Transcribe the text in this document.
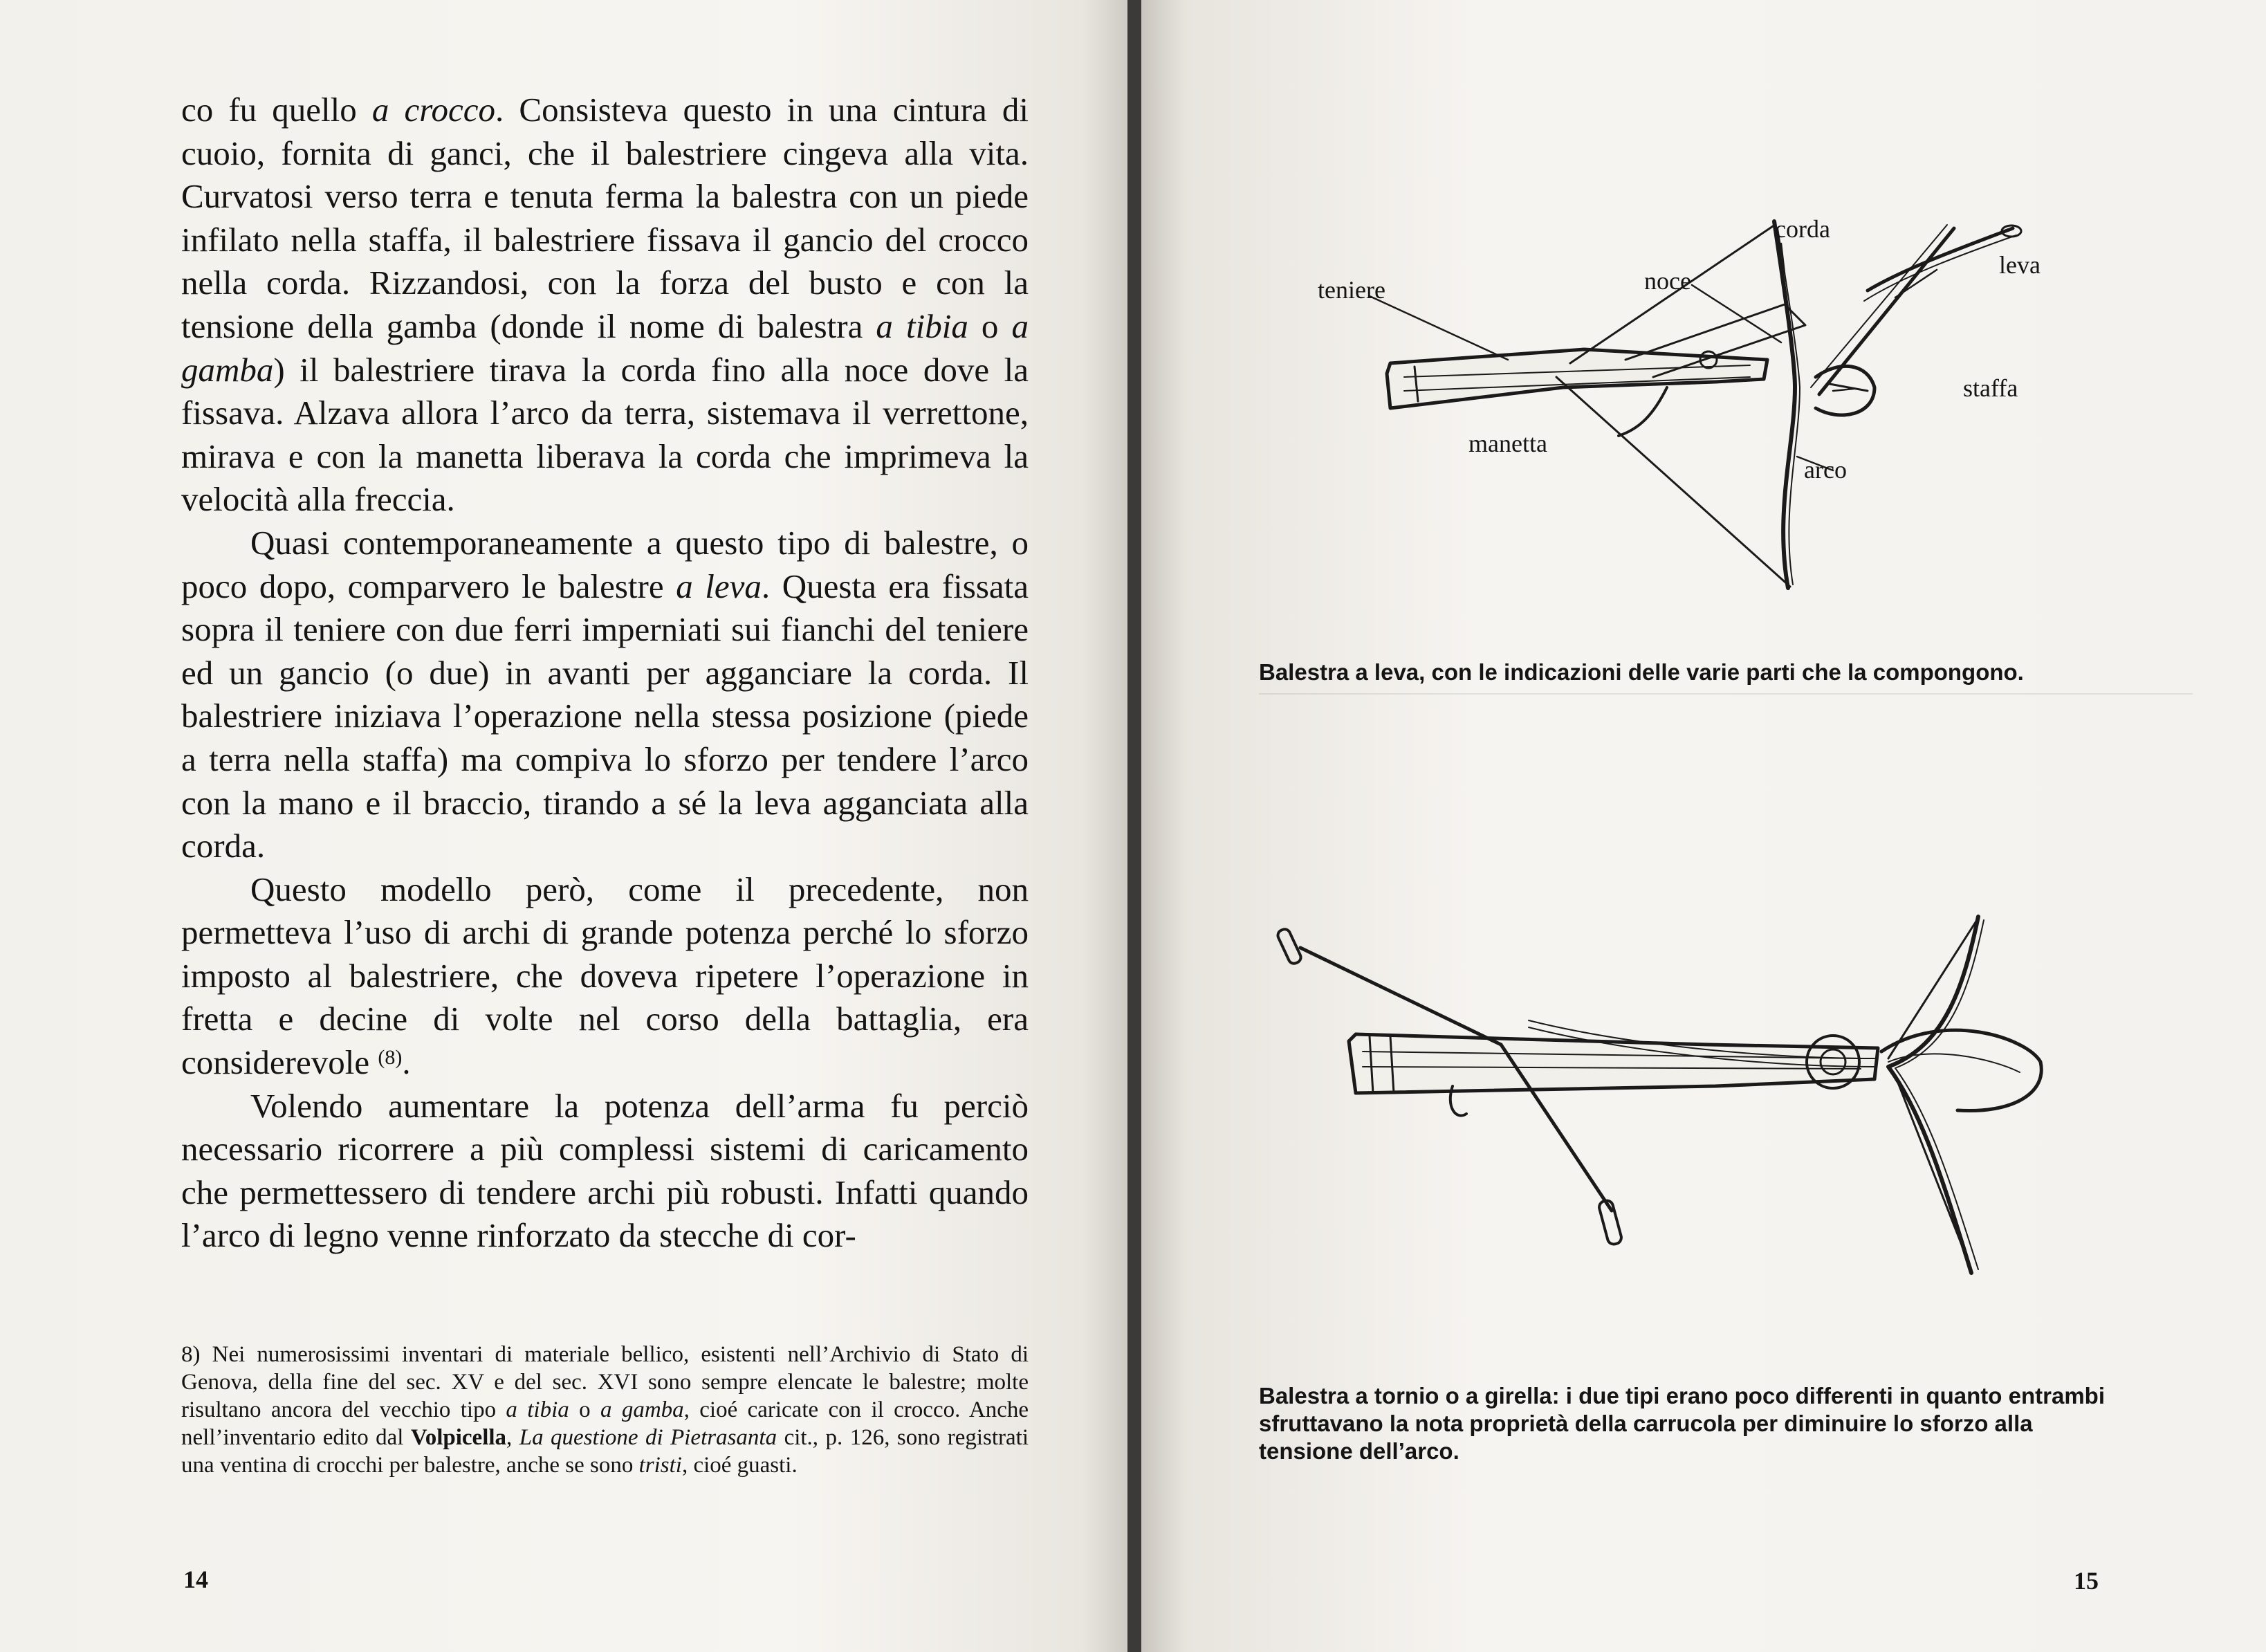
co fu quello a crocco. Consisteva questo in una cintura di cuoio, fornita di ganci, che il balestriere cingeva alla vita. Curvatosi verso terra e tenuta ferma la balestra con un piede infilato nella staffa, il balestriere fissava il gancio del crocco nella corda. Rizzandosi, con la forza del busto e con la tensione della gamba (donde il nome di balestra a tibia o a gamba) il balestriere tirava la corda fino alla noce dove la fissava. Alzava allora l’arco da terra, sistemava il verrettone, mirava e con la manetta liberava la corda che imprimeva la velocità alla freccia.

Quasi contemporaneamente a questo tipo di balestre, o poco dopo, comparvero le balestre a leva. Questa era fissata sopra il teniere con due ferri imperniati sui fianchi del teniere ed un gancio (o due) in avanti per agganciare la corda. Il balestriere iniziava l’operazione nella stessa posizione (piede a terra nella staffa) ma compiva lo sforzo per tendere l’arco con la mano e il braccio, tirando a sé la leva agganciata alla corda.

Questo modello però, come il precedente, non permetteva l’uso di archi di grande potenza perché lo sforzo imposto al balestriere, che doveva ripetere l’operazione in fretta e decine di volte nel corso della battaglia, era considerevole $^{(8)}$.

Volendo aumentare la potenza dell’arma fu perciò necessario ricorrere a più complessi sistemi di caricamento che permettessero di tendere archi più robusti. Infatti quando l’arco di legno venne rinforzato da stecche di cor-

8) Nei numerosissimi inventari di materiale bellico, esistenti nell’Archivio di Stato di Genova, della fine del sec. XV e del sec. XVI sono sempre elencate le balestre; molte risultano ancora del vecchio tipo a tibia o a gamba, cioé caricate con il crocco. Anche nell’inventario edito dal Volpicella, La questione di Pietrasanta cit., p. 126, sono registrati una ventina di crocchi per balestre, anche se sono tristi, cioé guasti.

14
corda
leva
teniere	noce
staffa
manetta
arco
Balestra a leva, con le indicazioni delle varie parti che la compongono.
Balestra a tornio o a girella: i due tipi erano poco differenti in quanto entrambi sfruttavano la nota proprietà della carrucola per diminuire lo sforzo alla tensione dell’arco.
15
